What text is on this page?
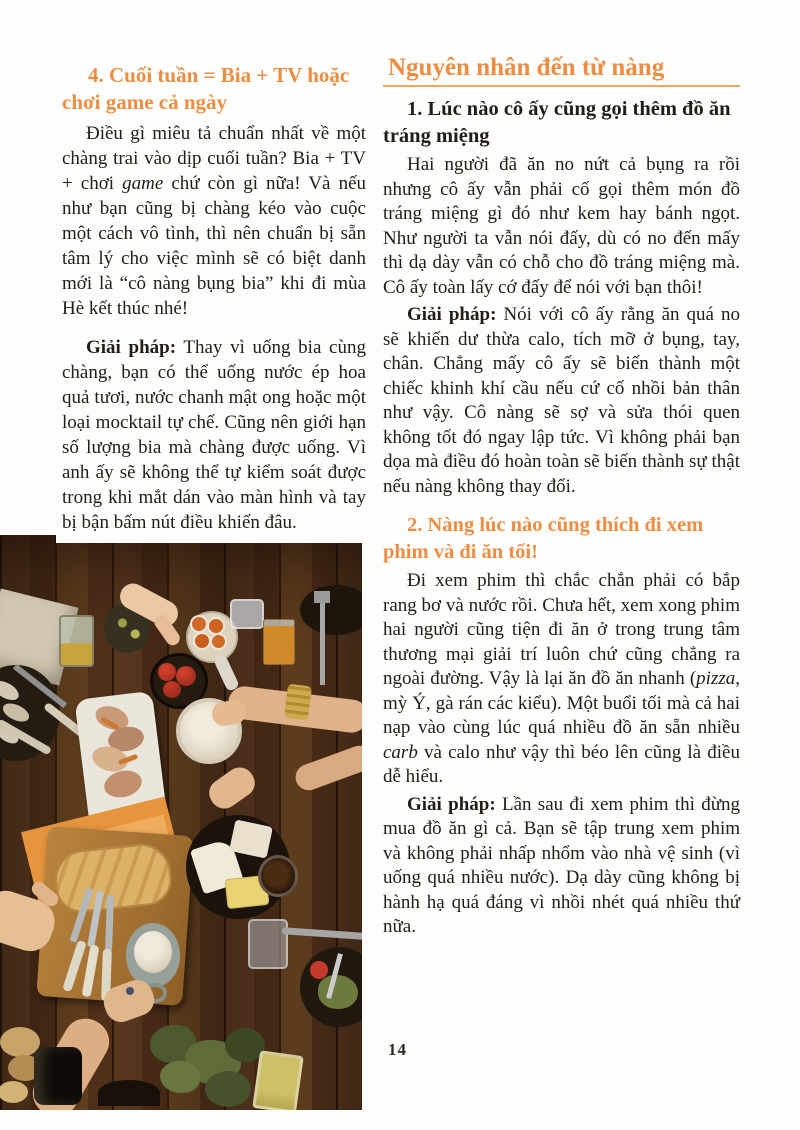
4. Cuối tuần = Bia + TV hoặc chơi game cả ngày

Điều gì miêu tả chuẩn nhất về một chàng trai vào dịp cuối tuần? Bia + TV + chơi game chứ còn gì nữa! Và nếu như bạn cũng bị chàng kéo vào cuộc một cách vô tình, thì nên chuẩn bị sẵn tâm lý cho việc mình sẽ có biệt danh mới là “cô nàng bụng bia” khi đi mùa Hè kết thúc nhé!

Giải pháp: Thay vì uống bia cùng chàng, bạn có thể uống nước ép hoa quả tươi, nước chanh mật ong hoặc một loại mocktail tự chế. Cũng nên giới hạn số lượng bia mà chàng được uống. Vì anh ấy sẽ không thể tự kiểm soát được trong khi mắt dán vào màn hình và tay bị bận bấm nút điều khiển đâu.

Nguyên nhân đến từ nàng
1. Lúc nào cô ấy cũng gọi thêm đồ ăn tráng miệng

Hai người đã ăn no nứt cả bụng ra rồi nhưng cô ấy vẫn phải cố gọi thêm món đồ tráng miệng gì đó như kem hay bánh ngọt. Như người ta vẫn nói đấy, dù có no đến mấy thì dạ dày vẫn có chỗ cho đồ tráng miệng mà. Cô ấy toàn lấy cớ đấy để nói với bạn thôi!

Giải pháp: Nói với cô ấy rằng ăn quá no sẽ khiến dư thừa calo, tích mỡ ở bụng, tay, chân. Chẳng mấy cô ấy sẽ biến thành một chiếc khinh khí cầu nếu cứ cố nhồi bản thân như vậy. Cô nàng sẽ sợ và sửa thói quen không tốt đó ngay lập tức. Vì không phải bạn dọa mà điều đó hoàn toàn sẽ biến thành sự thật nếu nàng không thay đổi.

2. Nàng lúc nào cũng thích đi xem phim và đi ăn tối!

Đi xem phim thì chắc chắn phải có bắp rang bơ và nước rồi. Chưa hết, xem xong phim hai người cũng tiện đi ăn ở trong trung tâm thương mại giải trí luôn chứ cũng chẳng ra ngoài đường. Vậy là lại ăn đồ ăn nhanh (pizza, mỳ Ý, gà rán các kiểu). Một buổi tối mà cả hai nạp vào cùng lúc quá nhiều đồ ăn sẵn nhiều carb và calo như vậy thì béo lên cũng là điều dễ hiểu.

Giải pháp: Lần sau đi xem phim thì đừng mua đồ ăn gì cả. Bạn sẽ tập trung xem phim và không phải nhấp nhổm vào nhà vệ sinh (vì uống quá nhiều nước). Dạ dày cũng không bị hành hạ quá đáng vì nhồi nhét quá nhiều thứ nữa.

14
